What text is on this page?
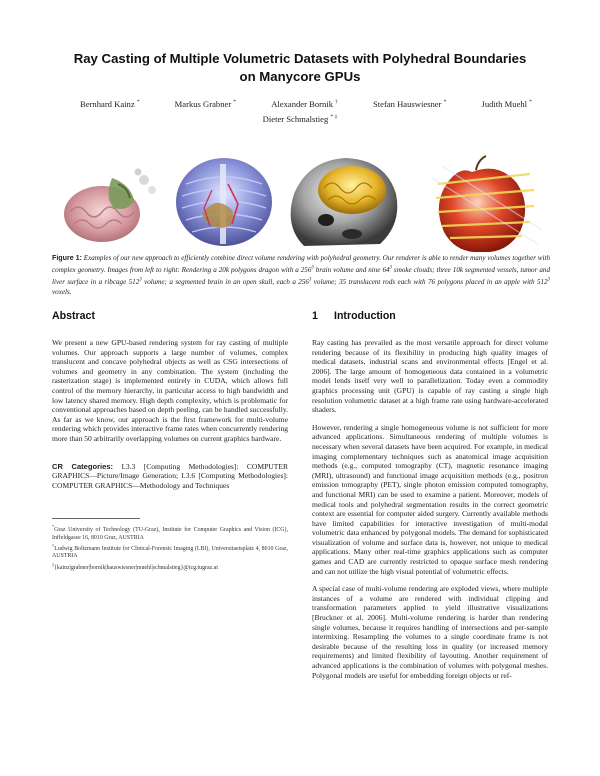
Ray Casting of Multiple Volumetric Datasets with Polyhedral Boundaries
on Manycore GPUs
Bernhard Kainz *	Markus Grabner *	Alexander Bornik †	Stefan Hauswiesner *	Judith Muehl *
Dieter Schmalstieg * ‡
Figure 1: Examples of our new approach to efficiently combine direct volume rendering with polyhedral geometry. Our renderer is able to render many volumes together with complex geometry. Images from left to right: Rendering a 20k polygons dragon with a $256^3$ brain volume and nine $64^3$ smoke clouds; three 10k segmented vessels, tumor and liver surface in a ribcage $512^3$ volume; a segmented brain in an open skull, each a $256^3$ volume; 35 translucent rods each with 76 polygons placed in an apple with $512^3$ voxels.
Abstract

We present a new GPU-based rendering system for ray casting of multiple volumes. Our approach supports a large number of volumes, complex translucent and concave polyhedral objects as well as CSG intersections of volumes and geometry in any combination. The system (including the rasterization stage) is implemented entirely in CUDA, which allows full control of the memory hierarchy, in particular access to high bandwidth and low latency shared memory. High depth complexity, which is problematic for conventional approaches based on depth peeling, can be handled successfully. As far as we know, our approach is the first framework for multi-volume rendering which provides interactive frame rates when concurrently rendering more than 50 arbitrarily overlapping volumes on current graphics hardware.

CR Categories: I.3.3 [Computing Methodologies]: COMPUTER GRAPHICS—Picture/Image Generation; I.3.6 [Computing Methodologies]: COMPUTER GRAPHICS—Methodology and Techniques

*Graz University of Technology (TU-Graz), Institute for Computer Graphics and Vision (ICG), Inffeldgasse 16, 8010 Graz, AUSTRIA
†Ludwig Boltzmann Institute for Clinical-Forensic Imaging (LBI), Universitaetsplatz 4, 8010 Graz, AUSTRIA
‡{kainz|grabner|bornik|hauswiesner|muehl|schmalstieg}@icg.tugraz.at
1 Introduction

Ray casting has prevailed as the most versatile approach for direct volume rendering because of its flexibility in producing high quality images of medical datasets, industrial scans and environmental effects [Engel et al. 2006]. The large amount of homogeneous data contained in a volumetric model lends itself very well to parallelization. Today even a commodity graphics processing unit (GPU) is capable of ray casting a single high resolution volumetric dataset at a high frame rate using hardware-accelerated shaders.

However, rendering a single homogeneous volume is not sufficient for more advanced applications. Simultaneous rendering of multiple volumes is necessary when several datasets have been acquired. For example, in medical imaging complementary techniques such as anatomical image acquisition methods (e.g., computed tomography (CT), magnetic resonance imaging (MRI), ultrasound) and functional image acquisition methods (e.g., positron emission tomography (PET), single photon emission computed tomography, and functional MRI) can be used to examine a patient. Moreover, models of medical tools and polyhedral segmentation results in the correct geometric context are essential for computer aided surgery. Currently available methods have limited capabilities for interactive investigation of multi-modal volumetric data enhanced by polygonal models. The demand for sophisticated visualization of volume and surface data is, however, not unique to medical applications. Many other real-time graphics applications such as computer games and CAD are currently restricted to opaque surface mesh rendering and can not utilize the high visual potential of volumetric effects.

A special case of multi-volume rendering are exploded views, where multiple instances of a volume are rendered with individual clipping and transformation parameters applied to yield illustrative visualizations [Bruckner et al. 2006]. Multi-volume rendering is harder than rendering single volumes, because it requires handling of intersections and per-sample intermixing. Resampling the volumes to a single coordinate frame is not desirable because of the resulting loss in quality (or increased memory requirements) and limited flexibility of layouting. Another requirement of advanced applications is the combination of volumes with polygonal meshes. Polygonal models are useful for embedding foreign objects or ref-
